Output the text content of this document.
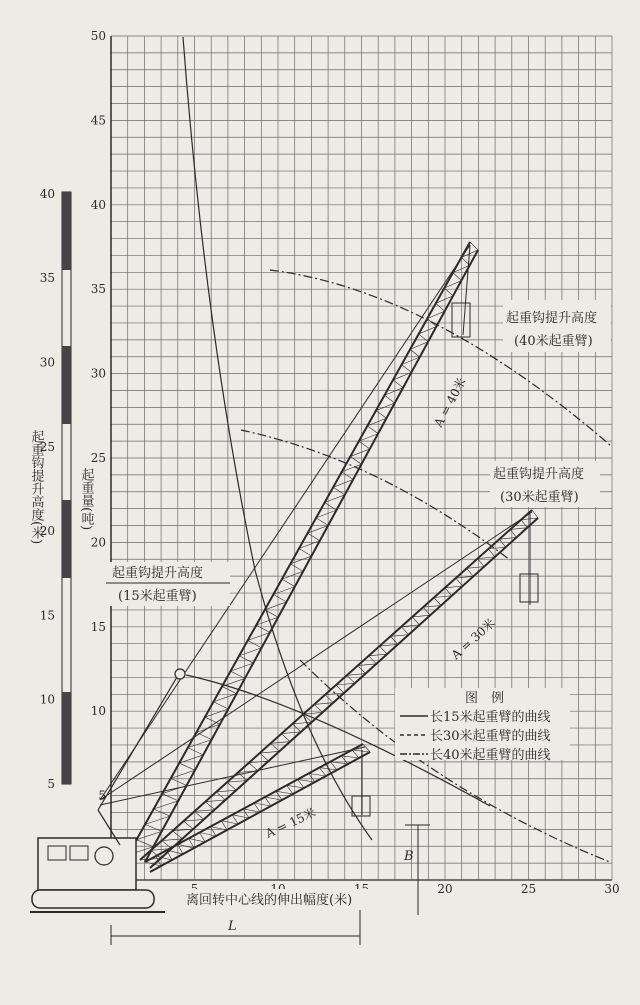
5
10
15
20
25
30
35
40
45
50
20	25	30
5
10
15
20
25
30
35
40
起重钩提升高度(米)	起重量(吨)
离回转中心线的伸出幅度(米)
L
B
A = 40米
A = 30米
A = 15米
起重钩提升高度
(40米起重臂)
起重钩提升高度
(30米起重臂)
起重钩提升高度
(15米起重臂)
图　例
长15米起重臂的曲线
长30米起重臂的曲线
长40米起重臂的曲线
